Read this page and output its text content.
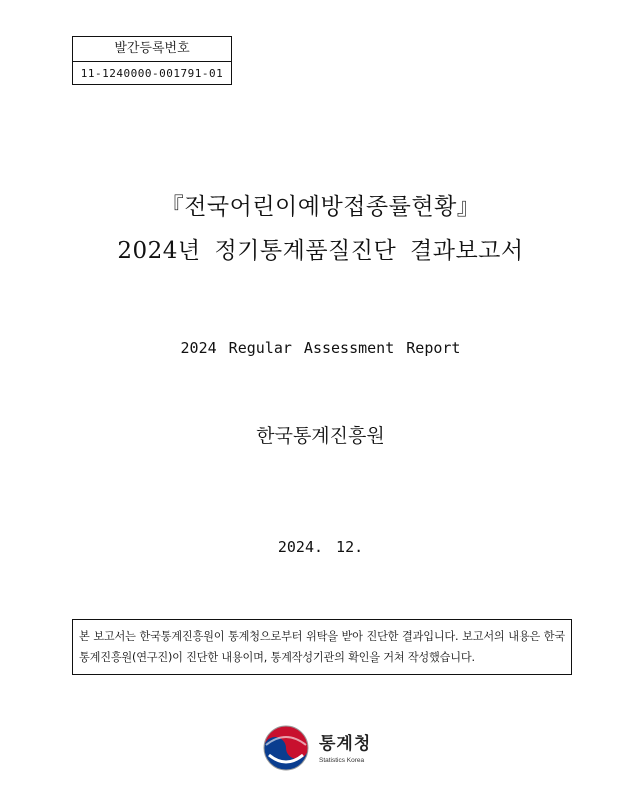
발간등록번호
11-1240000-001791-01
『전국어린이예방접종률현황』
2024년 정기통계품질진단 결과보고서
2024 Regular Assessment Report
한국통계진흥원
2024. 12.
본 보고서는 한국통계진흥원이 통계청으로부터 위탁을 받아 진단한 결과입니다. 보고서의 내용은 한국통계진흥원(연구진)이 진단한 내용이며, 통계작성기관의 확인을 거쳐 작성했습니다.
통계청
Statistics Korea
